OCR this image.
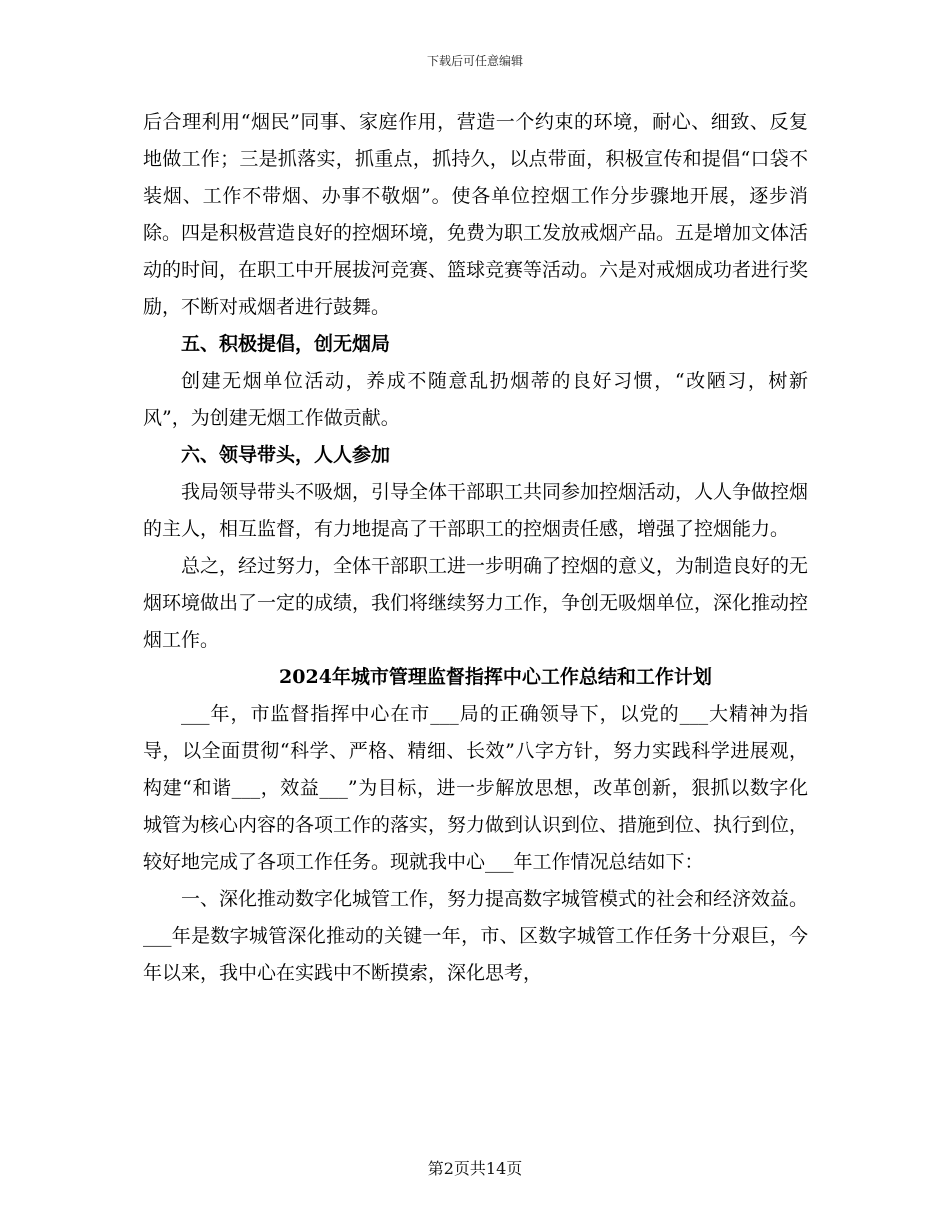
下载后可任意编辑

后合理利用“烟民”同事、家庭作用，营造一个约束的环境，耐心、细致、反复地做工作；三是抓落实，抓重点，抓持久，以点带面，积极宣传和提倡“口袋不装烟、工作不带烟、办事不敬烟”。使各单位控烟工作分步骤地开展，逐步消除。四是积极营造良好的控烟环境，免费为职工发放戒烟产品。五是增加文体活动的时间，在职工中开展拔河竞赛、篮球竞赛等活动。六是对戒烟成功者进行奖励，不断对戒烟者进行鼓舞。

五、积极提倡，创无烟局

创建无烟单位活动，养成不随意乱扔烟蒂的良好习惯，“改陋习，树新风”，为创建无烟工作做贡献。

六、领导带头，人人参加

我局领导带头不吸烟，引导全体干部职工共同参加控烟活动，人人争做控烟的主人，相互监督，有力地提高了干部职工的控烟责任感，增强了控烟能力。

总之，经过努力，全体干部职工进一步明确了控烟的意义，为制造良好的无烟环境做出了一定的成绩，我们将继续努力工作，争创无吸烟单位，深化推动控烟工作。

2024年城市管理监督指挥中心工作总结和工作计划

___年，市监督指挥中心在市___局的正确领导下，以党的___大精神为指导，以全面贯彻“科学、严格、精细、长效”八字方针，努力实践科学进展观，构建“和谐___，效益___”为目标，进一步解放思想，改革创新，狠抓以数字化城管为核心内容的各项工作的落实，努力做到认识到位、措施到位、执行到位，较好地完成了各项工作任务。现就我中心___年工作情况总结如下：

一、深化推动数字化城管工作，努力提高数字城管模式的社会和经济效益。___年是数字城管深化推动的关键一年，市、区数字城管工作任务十分艰巨，今年以来，我中心在实践中不断摸索，深化思考，

第2页共14页
